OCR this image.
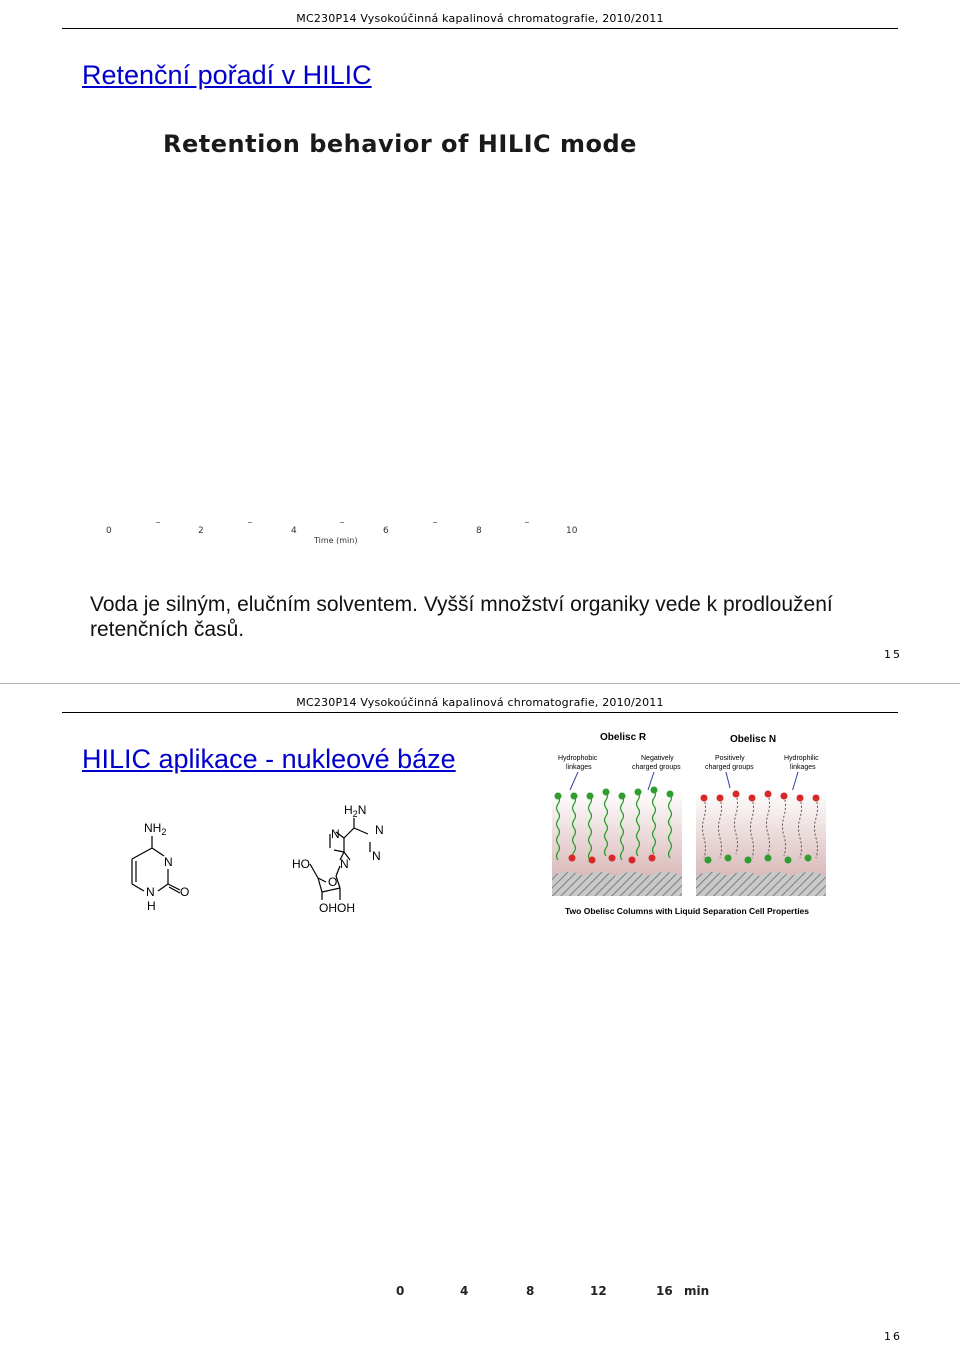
MC230P14 Vysokoúčinná kapalinová chromatografie, 2010/2011
Retenční pořadí v HILIC
Retention behavior of HILIC mode
0	2	4	6	8	10
Time (min)
Voda je silným, elučním solventem. Vyšší množství organiky vede k prodloužení
retenčních časů.
15
MC230P14 Vysokoúčinná kapalinová chromatografie, 2010/2011
HILIC aplikace - nukleové báze
$NH_2$
N
N
H
O
$H_2N$
N
N
N
N
HO
O
OHOH
Obelisc R	Obelisc N
Hydrophobic
linkages
Negatively
charged groups
Positively
charged groups
Hydrophilic
linkages
Two Obelisc Columns with Liquid Separation Cell Properties
0	4	8	12	16 min
16
